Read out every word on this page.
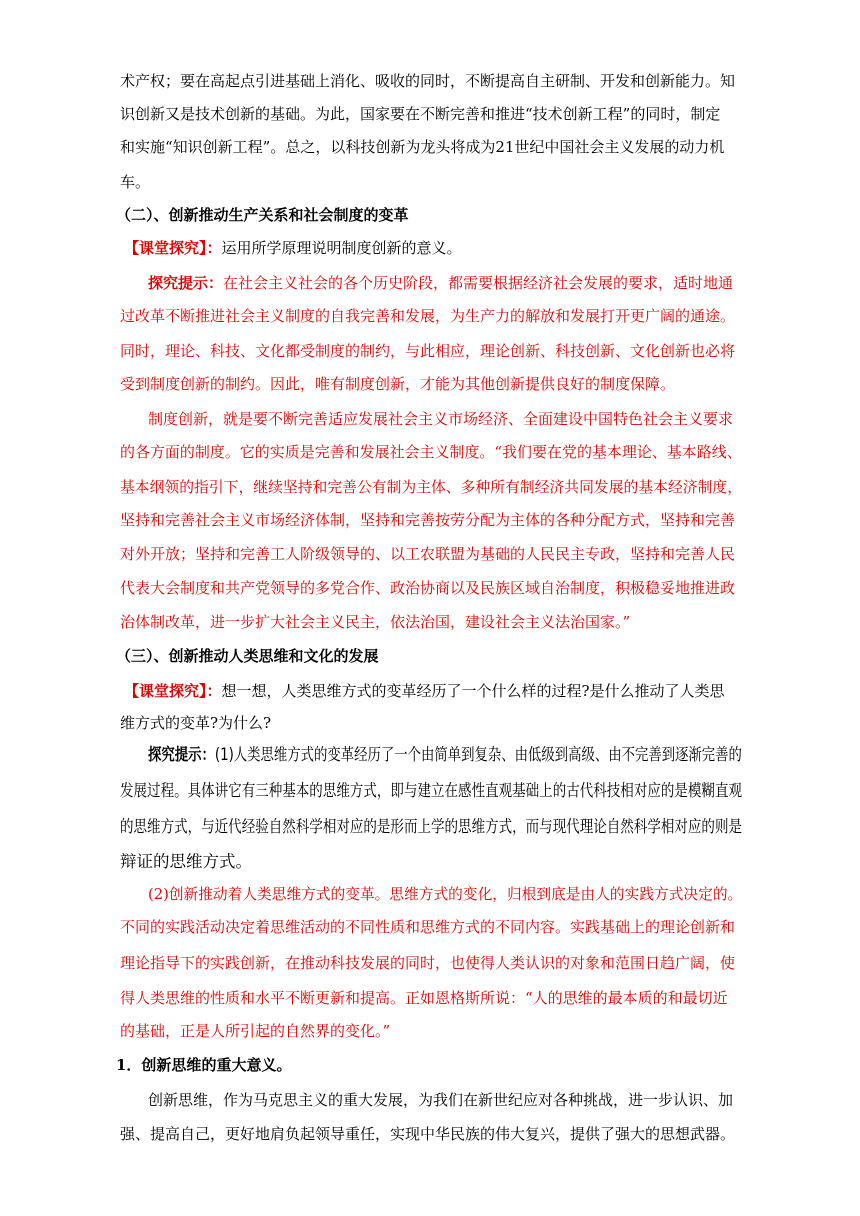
术产权；要在高起点引进基础上消化、吸收的同时，不断提高自主研制、开发和创新能力。知
识创新又是技术创新的基础。为此，国家要在不断完善和推进“技术创新工程”的同时，制定
和实施“知识创新工程”。总之，以科技创新为龙头将成为21世纪中国社会主义发展的动力机
车。
（二）、创新推动生产关系和社会制度的变革
【课堂探究】：运用所学原理说明制度创新的意义。
探究提示：在社会主义社会的各个历史阶段，都需要根据经济社会发展的要求，适时地通
过改革不断推进社会主义制度的自我完善和发展，为生产力的解放和发展打开更广阔的通途。
同时，理论、科技、文化都受制度的制约，与此相应，理论创新、科技创新、文化创新也必将
受到制度创新的制约。因此，唯有制度创新，才能为其他创新提供良好的制度保障。
制度创新，就是要不断完善适应发展社会主义市场经济、全面建设中国特色社会主义要求
的各方面的制度。它的实质是完善和发展社会主义制度。“我们要在党的基本理论、基本路线、
基本纲领的指引下，继续坚持和完善公有制为主体、多种所有制经济共同发展的基本经济制度，
坚持和完善社会主义市场经济体制，坚持和完善按劳分配为主体的各种分配方式，坚持和完善
对外开放；坚持和完善工人阶级领导的、以工农联盟为基础的人民民主专政，坚持和完善人民
代表大会制度和共产党领导的多党合作、政治协商以及民族区域自治制度，积极稳妥地推进政
治体制改革，进一步扩大社会主义民主，依法治国，建设社会主义法治国家。”
（三）、创新推动人类思维和文化的发展
【课堂探究】：想一想，人类思维方式的变革经历了一个什么样的过程?是什么推动了人类思
维方式的变革?为什么?
探究提示：(1)人类思维方式的变革经历了一个由简单到复杂、由低级到高级、由不完善到逐渐完善的
发展过程。具体讲它有三种基本的思维方式，即与建立在感性直观基础上的古代科技相对应的是模糊直观
的思维方式，与近代经验自然科学相对应的是形而上学的思维方式，而与现代理论自然科学相对应的则是
辩证的思维方式。
(2)创新推动着人类思维方式的变革。思维方式的变化，归根到底是由人的实践方式决定的。
不同的实践活动决定着思维活动的不同性质和思维方式的不同内容。实践基础上的理论创新和
理论指导下的实践创新，在推动科技发展的同时，也使得人类认识的对象和范围日趋广阔，使
得人类思维的性质和水平不断更新和提高。正如恩格斯所说：“人的思维的最本质的和最切近
的基础，正是人所引起的自然界的变化。”
1．创新思维的重大意义。
创新思维，作为马克思主义的重大发展，为我们在新世纪应对各种挑战，进一步认识、加
强、提高自己，更好地肩负起领导重任，实现中华民族的伟大复兴，提供了强大的思想武器。
